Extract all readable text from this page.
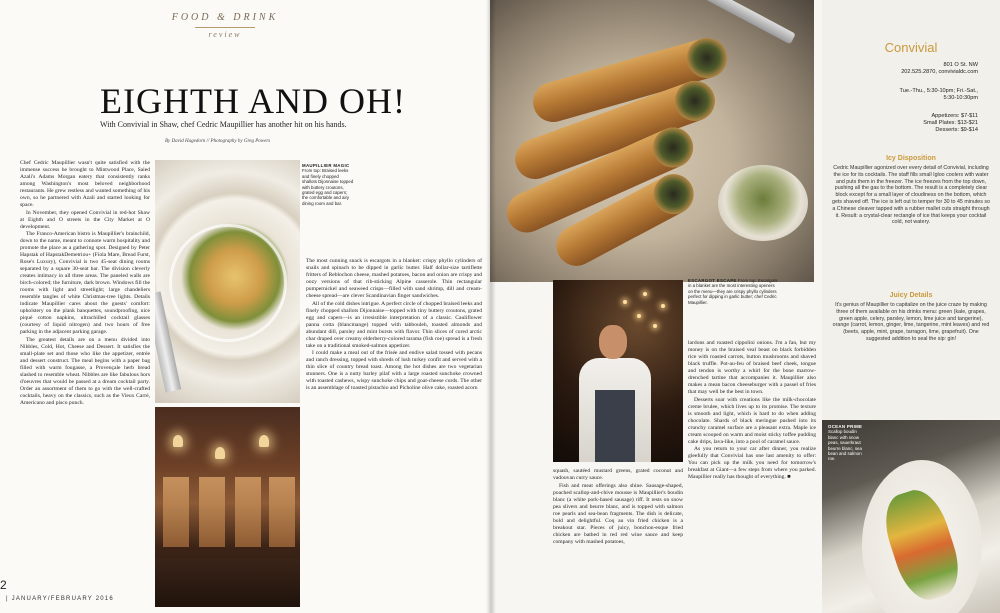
FOOD & DRINK
review
EIGHTH AND OH!
With Convivial in Shaw, chef Cedric Maupillier has another hit on his hands.
By David Hagedorn // Photography by Greg Powers

Chef Cedric Maupillier wasn't quite satisfied with the immense success he brought to Mintwood Place, Saied Azali's Adams Morgan eatery that consistently ranks among Washington's most beloved neighborhood restaurants. He grew restless and wanted something of his own, so he partnered with Azali and started looking for space.

In November, they opened Convivial in red-hot Shaw at Eighth and O streets in the City Market at O development.

The Franco-American bistro is Maupillier's brainchild, down to the name, meant to connote warm hospitality and promote the place as a gathering spot. Designed by Peter Hapstak of HapstakDemetriou+ (Fiola Mare, Bread Furst, Rose's Luxury), Convivial is two 45-seat dining rooms separated by a square 30-seat bar. The division cleverly creates intimacy in all three areas. The paneled walls are birch-colored; the furniture, dark brown. Windows fill the rooms with light and streetlight; large chandeliers resemble tangles of white Christmas-tree lights. Details indicate Maupillier cares about the guests' comfort: upholstery on the plank banquettes, soundproofing, nice piqué cotton napkins, ultrachilled cocktail glasses (courtesy of liquid nitrogen) and two hours of free parking in the adjacent parking garage.

The greatest details are on a menu divided into Nibbles, Cold, Hot, Cheese and Dessert. It satisfies the small-plate set and those who like the appetizer, entrée and dessert construct. The meal begins with a paper bag filled with warm fougasse, a Provençale herb bread slashed to resemble wheat. Nibbles are like fabulous hors d'oeuvres that would be passed at a dream cocktail party. Order an assortment of them to go with the well-crafted cocktails, heavy on the classics, such as the Vieux Carré, Americano and pisco punch.

MAUPILLIER MAGIC From top: Braised leeks and finely chopped shallots Dijonnaise topped with buttery croutons, grated egg and capers; the comfortable and airy dining room and bar.

The most cunning snack is escargots in a blanket: crispy phyllo cylinders of snails and spinach to be dipped in garlic butter. Half dollar-size tartiflette fritters of Reblochon cheese, mashed potatoes, bacon and onion are crispy and oozy versions of that rib-sticking Alpine casserole. Thin rectangular pumpernickel and seaweed crisps—filled with sand shrimp, dill and cream-cheese spread—are clever Scandinavian finger sandwiches.

All of the cold dishes intrigue. A perfect circle of chopped braised leeks and finely chopped shallots Dijonnaise—topped with tiny buttery croutons, grated egg and capers—is an irresistible interpretation of a classic. Cauliflower panna cotta (blancmange) topped with tabbouleh, toasted almonds and abundant dill, parsley and mint bursts with flavor. Thin slices of cured arctic char draped over creamy elderberry-colored tarama (fish roe) spread is a fresh take on a traditional smoked-salmon appetizer.

I could make a meal out of the frisée and endive salad tossed with pecans and ranch dressing, topped with shreds of lush turkey confit and served with a thin slice of country bread toast. Among the hot dishes are two vegetarian stunners. One is a nutty barley pilaf with a large roasted sunchoke crowned with toasted cashews, wispy sunchoke chips and goat-cheese curds. The other is an assemblage of toasted pistachio and Picholine olive cake, roasted acorn

2
| JANUARY/FEBRUARY 2016
ESCARGOT ESCAPE From top: Escargots in a blanket are the most interesting openers on the menu—they are crispy phyllo cylinders perfect for dipping in garlic butter; chef Cedric Maupillier.

squash, sautéed mustard greens, grated coconut and vadouvan curry sauce.

Fish and meat offerings also shine. Sausage-shaped, poached scallop-and-chive mousse is Maupillier's boudin blanc (a white pork-based sausage) riff. It rests on snow pea slivers and beurre blanc, and is topped with salmon roe pearls and sea-bean fragments. The dish is delicate, bold and delightful. Coq au vin fried chicken is a breakout star. Pieces of juicy, bonchon-esque fried chicken are bathed in red red wine sauce and keep company with mashed potatoes,

lardons and roasted cippolini onions. I'm a fan, but my money is on the braised veal beast on black forbidden rice with roasted carrots, button mushrooms and shaved black truffle. Pot-au-feu of braised beef cheek, tongue and tendon is worthy a whirl for the bone marrow-drenched tartine that accompanies it. Maupillier also makes a mean bacon cheeseburger with a passel of fries that may well be the best in town.

Desserts soar with creations like the milk-chocolate creme brulee, which lives up to its promise. The texture is smooth and light, which is hard to do when adding chocolate. Shards of black meringue pushed into its crunchy caramel surface are a pleasant extra. Maple ice cream scooped on warm and moist sticky toffee pudding cake drips, lava-like, into a pool of caramel sauce.

As you return to your car after dinner, you realize gleefully that Convivial has one last amenity to offer: You can pick up the milk you need for tomorrow's breakfast at Giant—a few steps from where you parked. Maupillier really has thought of everything. ■

Convivial
801 O St. NW
202.525.2870, convivialdc.com
Tue.-Thu., 5:30-10pm; Fri.-Sat.,
5:30-10:30pm
Appetizers: $7-$11
Small Plates: $13-$21
Desserts: $9-$14
Icy Disposition
Cedric Maupillier agonized over every detail of Convivial, including the ice for its cocktails. The staff fills small Igloo coolers with water and puts them in the freezer. The ice freezes from the top down, pushing all the gas to the bottom. The result is a completely clear block except for a small layer of cloudiness on the bottom, which gets shaved off. The ice is left out to temper for 30 to 45 minutes so a Chinese cleaver tapped with a rubber mallet cuts straight through it. Result: a crystal-clear rectangle of ice that keeps your cocktail cold, not watery.
Juicy Details
It's genius of Maupillier to capitalize on the juice craze by making three of them available on his drinks menu: green (kale, grapes, green apple, celery, parsley, lemon, lime juice and tangerine), orange (carrot, lemon, ginger, lime, tangerine, mint leaves) and red (beets, apple, mint, grape, tarragon, lime, grapefruit). One suggested addition to seal the sip: gin!
OCEAN PRIME Scallop boudin blanc with snow peas, sauerkraut beurre blanc, sea bean and salmon roe.
